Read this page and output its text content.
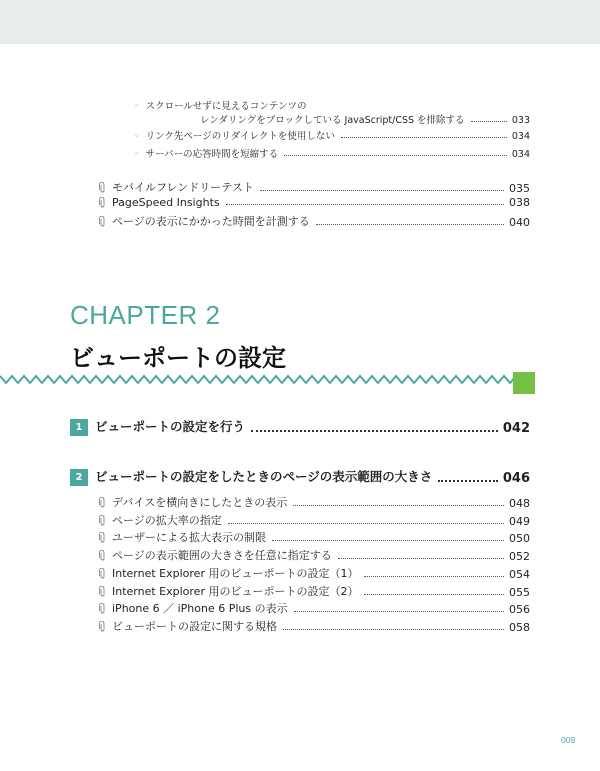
◦ スクロールせずに見えるコンテンツの
レンダリングをブロックしている JavaScript/CSS を排除する	033
◦ リンク先ページのリダイレクトを使用しない	034
◦ サーバーの応答時間を短縮する	034
モバイルフレンドリーテスト	035
PageSpeed Insights	038
ページの表示にかかった時間を計測する	040
CHAPTER 2
ビューポートの設定
1 ビューポートの設定を行う	042
2 ビューポートの設定をしたときのページの表示範囲の大きさ	046
デバイスを横向きにしたときの表示	048
ページの拡大率の指定	049
ユーザーによる拡大表示の制限	050
ページの表示範囲の大きさを任意に指定する	052
Internet Explorer 用のビューポートの設定（1）	054
Internet Explorer 用のビューポートの設定（2）	055
iPhone 6 ／ iPhone 6 Plus の表示	056
ビューポートの設定に関する規格	058
009
